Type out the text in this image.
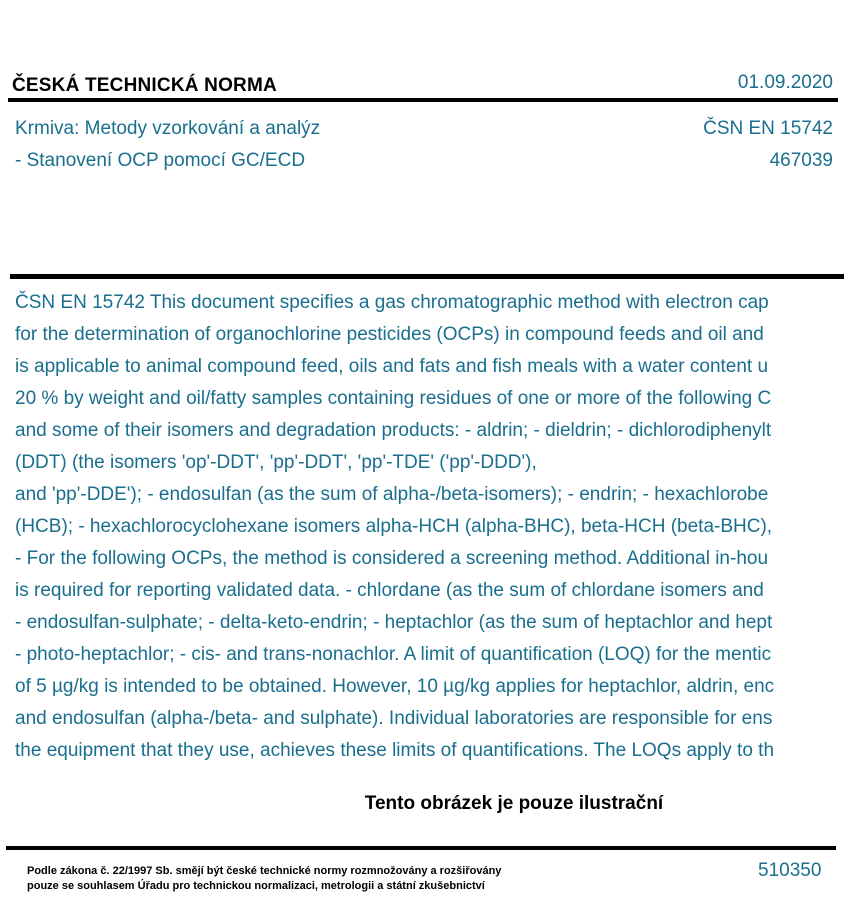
ČESKÁ TECHNICKÁ NORMA	01.09.2020
Krmiva: Metody vzorkování a analýz
- Stanovení OCP pomocí GC/ECD
ČSN EN 15742
467039
ČSN EN 15742 This document specifies a gas chromatographic method with electron cap
for the determination of organochlorine pesticides (OCPs) in compound feeds and oil and
is applicable to animal compound feed, oils and fats and fish meals with a water content u
20 % by weight and oil/fatty samples containing residues of one or more of the following C
and some of their isomers and degradation products: - aldrin; - dieldrin; - dichlorodiphenylt
(DDT) (the isomers 'op'-DDT', 'pp'-DDT', 'pp'-TDE' ('pp'-DDD'),
and 'pp'-DDE'); - endosulfan (as the sum of alpha-/beta-isomers); - endrin; - hexachlorobe
(HCB); - hexachlorocyclohexane isomers alpha-HCH (alpha-BHC), beta-HCH (beta-BHC),
- For the following OCPs, the method is considered a screening method. Additional in-hou
is required for reporting validated data. - chlordane (as the sum of chlordane isomers and
- endosulfan-sulphate; - delta-keto-endrin; - heptachlor (as the sum of heptachlor and hept
- photo-heptachlor; - cis- and trans-nonachlor. A limit of quantification (LOQ) for the mentic
of 5 µg/kg is intended to be obtained. However, 10 µg/kg applies for heptachlor, aldrin, enc
and endosulfan (alpha-/beta- and sulphate). Individual laboratories are responsible for ens
the equipment that they use, achieves these limits of quantifications. The LOQs apply to th
Tento obrázek je pouze ilustrační
Podle zákona č. 22/1997 Sb. smějí být české technické normy rozmnožovány a rozšiřovány
pouze se souhlasem Úřadu pro technickou normalizaci, metrologii a státní zkušebnictví
510350
